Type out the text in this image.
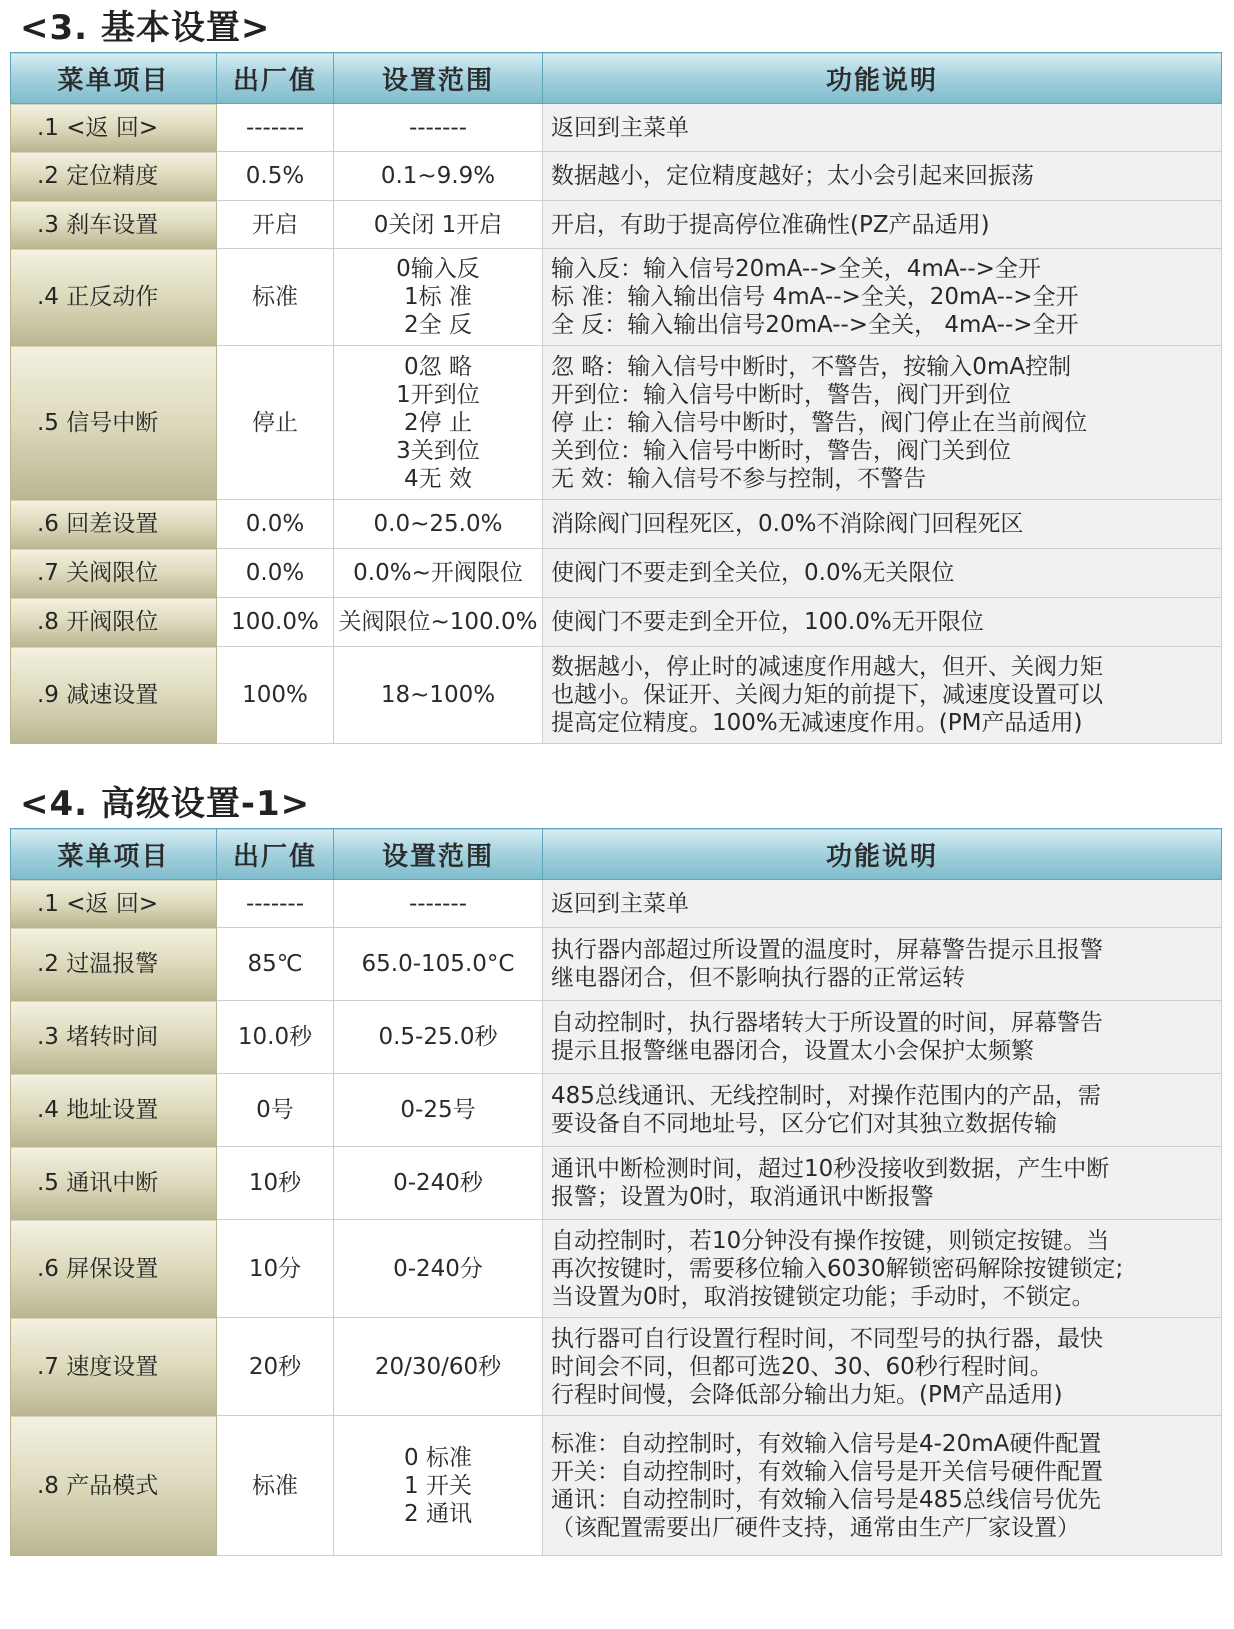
<3. 基本设置>
菜单项目	出厂值	设置范围	功能说明
.1 <返 回>	-------	-------	返回到主菜单

.2 定位精度	0.5%	0.1~9.9%	数据越小，定位精度越好；太小会引起来回振荡

.3 刹车设置	开启	0关闭 1开启	开启，有助于提高停位准确性(PZ产品适用)

.4 正反动作	标准	0输入反
1标 准
2全 反	输入反：输入信号20mA-->全关，4mA-->全开
标 准：输入输出信号 4mA-->全关，20mA-->全开
全 反：输入输出信号20mA-->全关， 4mA-->全开

.5 信号中断	停止	0忽 略
1开到位
2停 止
3关到位
4无 效	忽 略：输入信号中断时，不警告，按输入0mA控制
开到位：输入信号中断时，警告，阀门开到位
停 止：输入信号中断时，警告，阀门停止在当前阀位
关到位：输入信号中断时，警告，阀门关到位
无 效：输入信号不参与控制，不警告

.6 回差设置	0.0%	0.0~25.0%	消除阀门回程死区，0.0%不消除阀门回程死区

.7 关阀限位	0.0%	0.0%~开阀限位	使阀门不要走到全关位，0.0%无关限位

.8 开阀限位	100.0%	关阀限位~100.0%	使阀门不要走到全开位，100.0%无开限位

.9 减速设置	100%	18~100%	数据越小，停止时的减速度作用越大，但开、关阀力矩
也越小。保证开、关阀力矩的前提下，减速度设置可以
提高定位精度。100%无减速度作用。(PM产品适用)
<4. 高级设置-1>
菜单项目	出厂值	设置范围	功能说明
.1 <返 回>	-------	-------	返回到主菜单

.2 过温报警	85℃	65.0-105.0°C	执行器内部超过所设置的温度时，屏幕警告提示且报警
继电器闭合，但不影响执行器的正常运转

.3 堵转时间	10.0秒	0.5-25.0秒	自动控制时，执行器堵转大于所设置的时间，屏幕警告
提示且报警继电器闭合，设置太小会保护太频繁

.4 地址设置	0号	0-25号	485总线通讯、无线控制时，对操作范围内的产品，需
要设备自不同地址号，区分它们对其独立数据传输

.5 通讯中断	10秒	0-240秒	通讯中断检测时间，超过10秒没接收到数据，产生中断
报警；设置为0时，取消通讯中断报警

.6 屏保设置	10分	0-240分	自动控制时，若10分钟没有操作按键，则锁定按键。当
再次按键时，需要移位输入6030解锁密码解除按键锁定;
当设置为0时，取消按键锁定功能；手动时，不锁定。

.7 速度设置	20秒	20/30/60秒	执行器可自行设置行程时间，不同型号的执行器，最快
时间会不同，但都可选20、30、60秒行程时间。
行程时间慢，会降低部分输出力矩。(PM产品适用)

.8 产品模式	标准	0 标准
1 开关
2 通讯	标准：自动控制时，有效输入信号是4-20mA硬件配置
开关：自动控制时，有效输入信号是开关信号硬件配置
通讯：自动控制时，有效输入信号是485总线信号优先
（该配置需要出厂硬件支持，通常由生产厂家设置）
